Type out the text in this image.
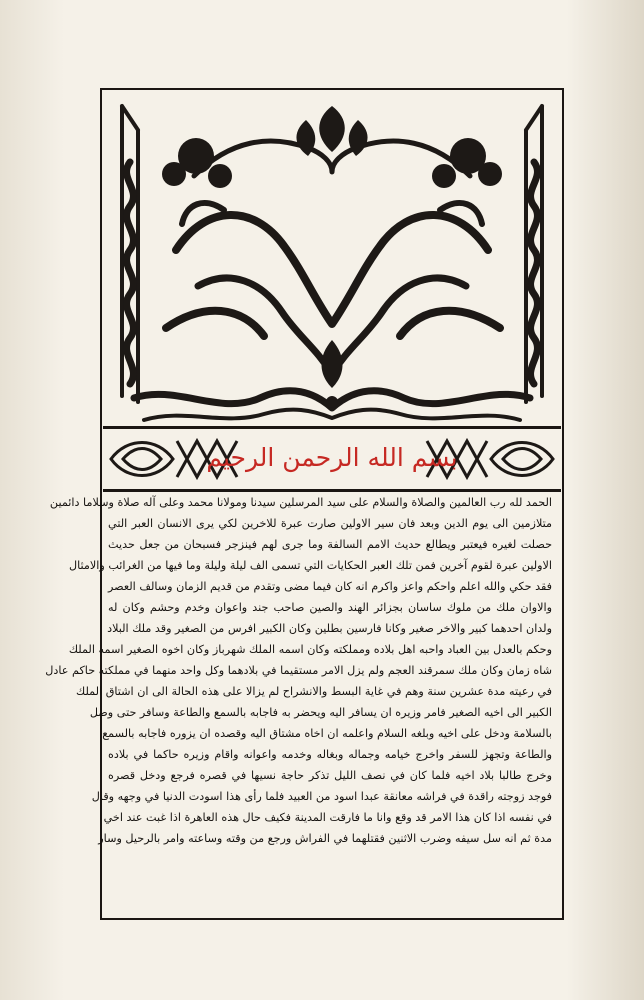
بسم الله الرحمن الرحيم
الحمد لله رب العالمين والصلاة والسلام على سيد المرسلين سيدنا ومولانا محمد وعلى آله صلاة وسلاما دائمين
متلازمين الى يوم الدين وبعد فان سير الاولين صارت عبرة للاخرين لكي يرى الانسان العبر التي
حصلت لغيره فيعتبر ويطالع حديث الامم السالفة وما جرى لهم فينزجر فسبحان من جعل حديث
الاولين عبرة لقوم آخرين فمن تلك العبر الحكايات التي تسمى الف ليلة وليلة وما فيها من الغرائب والامثال
فقد حكي والله اعلم واحكم واعز واكرم انه كان فيما مضى وتقدم من قديم الزمان وسالف العصر
والاوان ملك من ملوك ساسان بجزائر الهند والصين صاحب جند واعوان وخدم وحشم وكان له
ولدان احدهما كبير والاخر صغير وكانا فارسين بطلين وكان الكبير افرس من الصغير وقد ملك البلاد
وحكم بالعدل بين العباد واحبه اهل بلاده ومملكته وكان اسمه الملك شهرباز وكان اخوه الصغير اسمه الملك
شاه زمان وكان ملك سمرقند العجم ولم يزل الامر مستقيما في بلادهما وكل واحد منهما في مملكته حاكم عادل
في رعيته مدة عشرين سنة وهم في غاية البسط والانشراح لم يزالا على هذه الحالة الى ان اشتاق الملك
الكبير الى اخيه الصغير فامر وزيره ان يسافر اليه ويحضر به فاجابه بالسمع والطاعة وسافر حتى وصل
بالسلامة ودخل على اخيه وبلغه السلام واعلمه ان اخاه مشتاق اليه وقصده ان يزوره فاجابه بالسمع
والطاعة وتجهز للسفر واخرج خيامه وجماله وبغاله وخدمه واعوانه واقام وزيره حاكما في بلاده
وخرج طالبا بلاد اخيه فلما كان في نصف الليل تذكر حاجة نسيها في قصره فرجع ودخل قصره
فوجد زوجته راقدة في فراشه معانقة عبدا اسود من العبيد فلما رأى هذا اسودت الدنيا في وجهه وقال
في نفسه اذا كان هذا الامر قد وقع وانا ما فارقت المدينة فكيف حال هذه العاهرة اذا غبت عند اخي
مدة ثم انه سل سيفه وضرب الاثنين فقتلهما في الفراش ورجع من وقته وساعته وامر بالرحيل وسار
